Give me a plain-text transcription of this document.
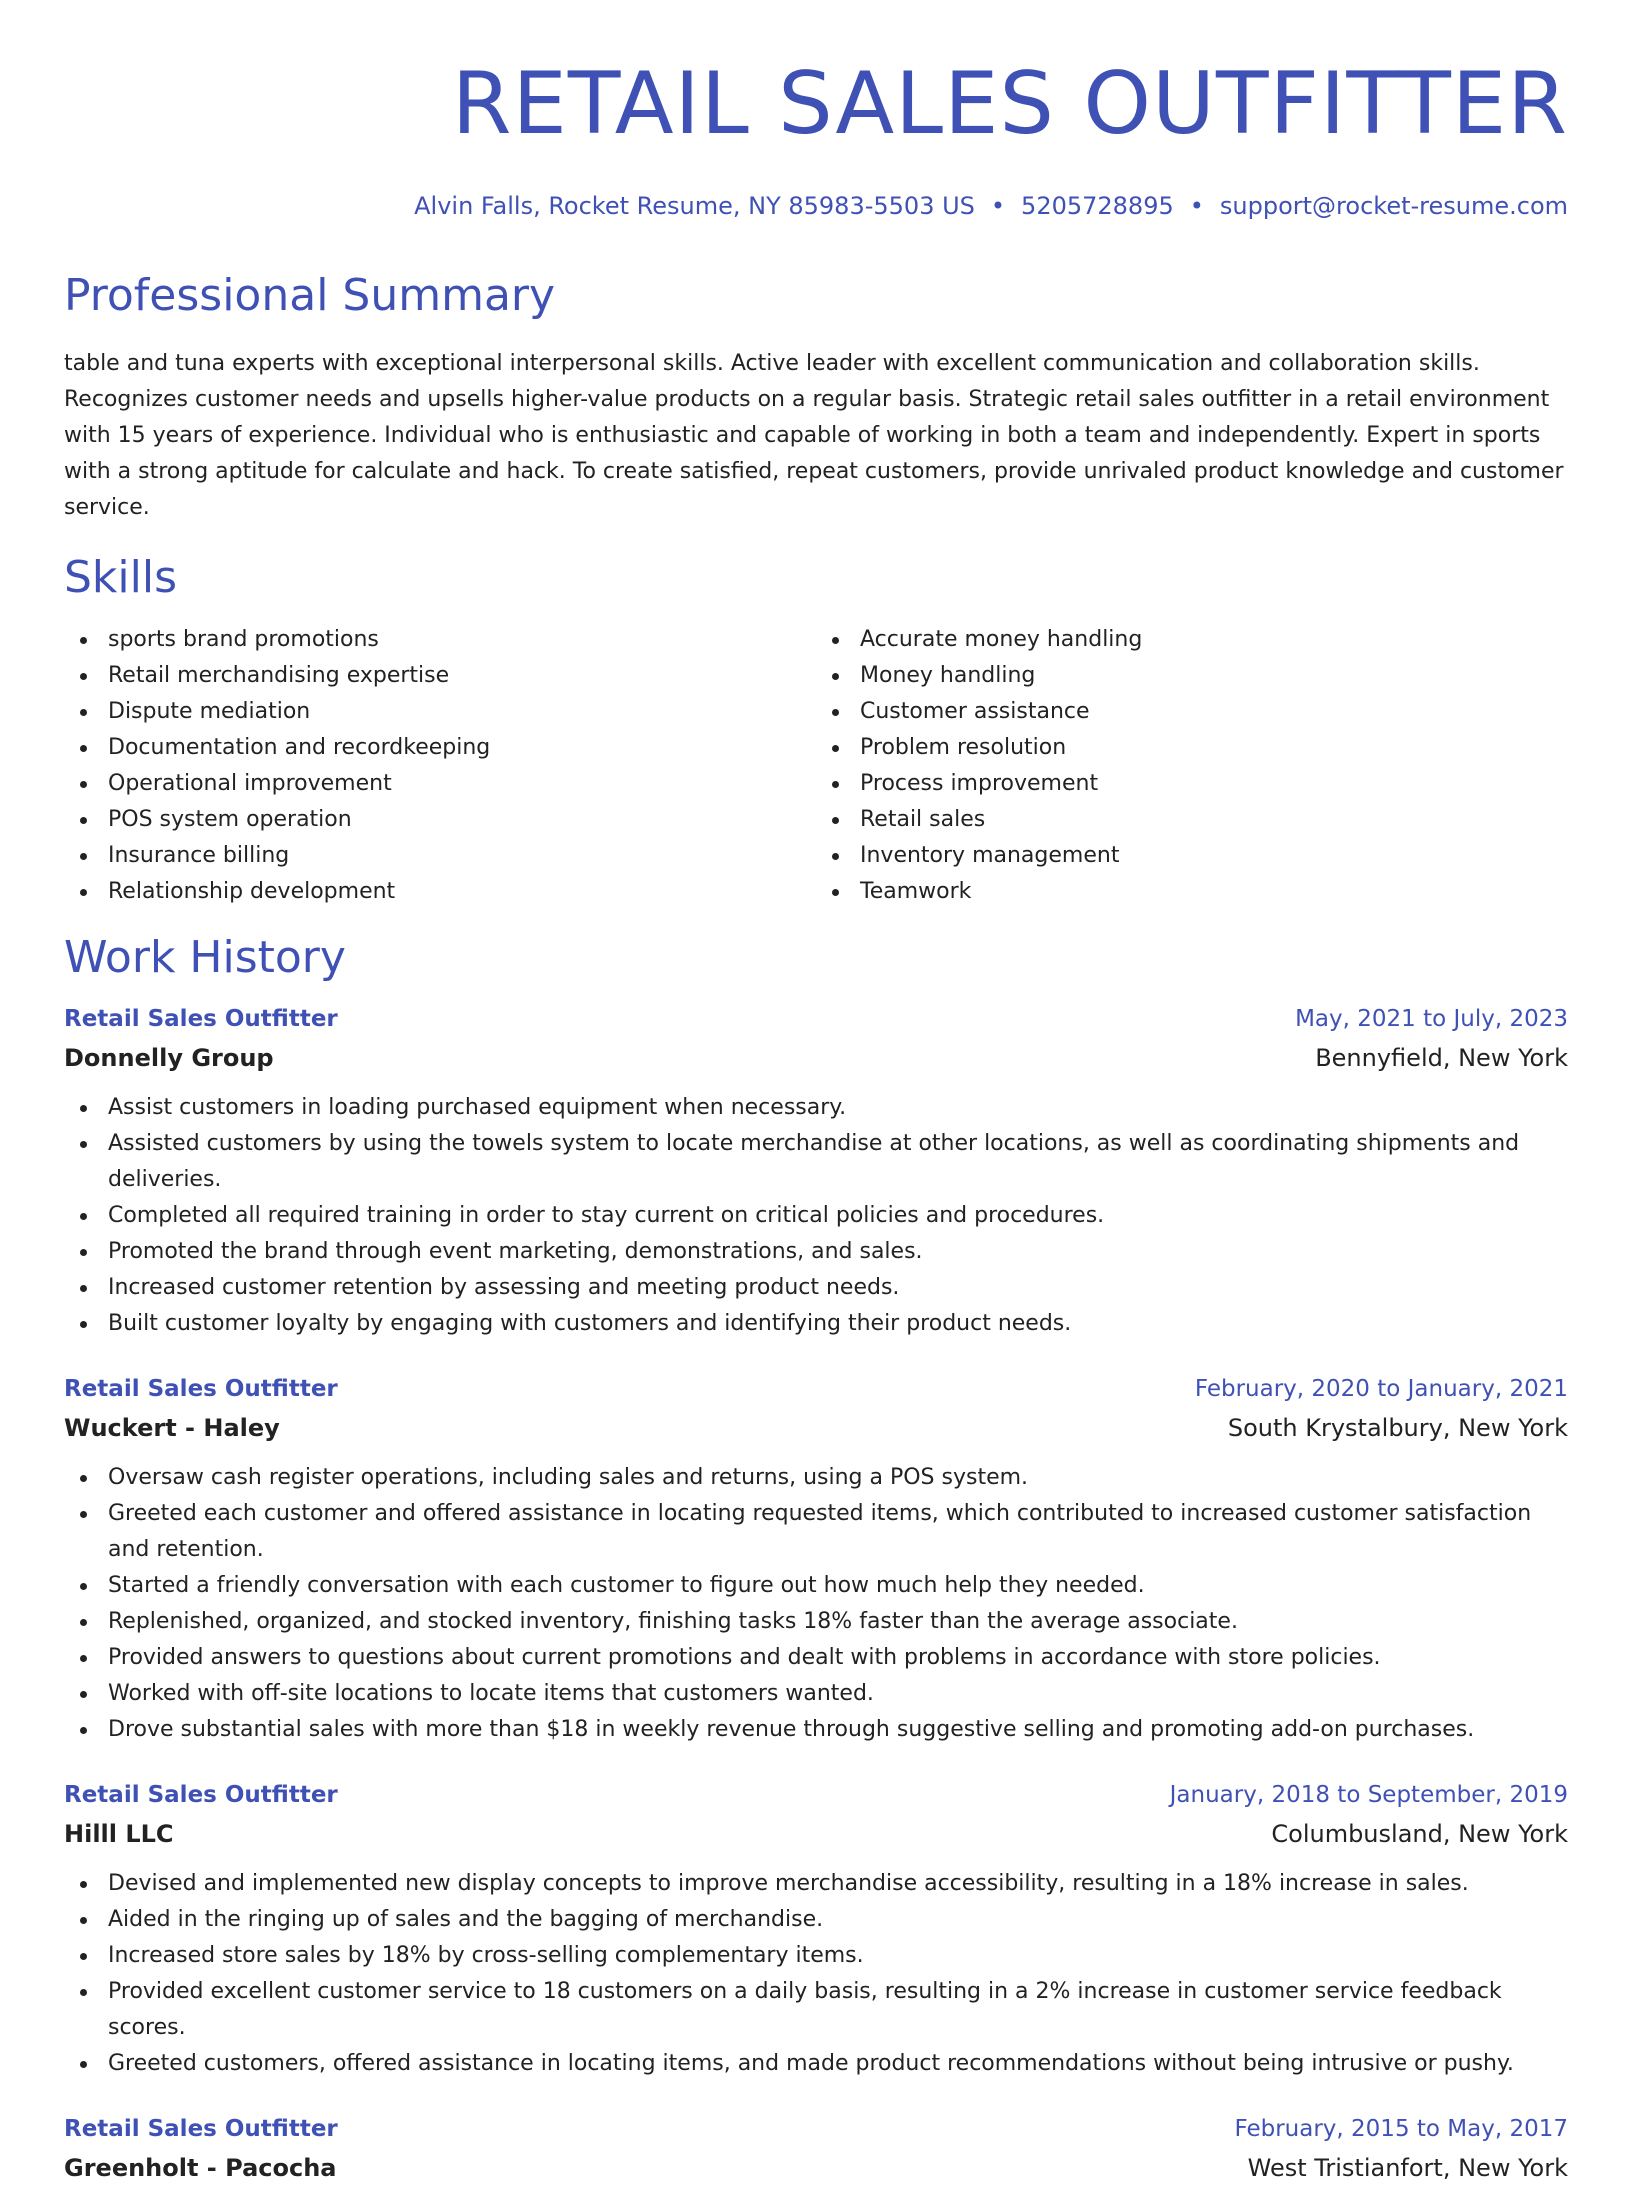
RETAIL SALES OUTFITTER
Alvin Falls, Rocket Resume, NY 85983-5503 US • 5205728895 • support@rocket-resume.com
Professional Summary
table and tuna experts with exceptional interpersonal skills. Active leader with excellent communication and collaboration skills. Recognizes customer needs and upsells higher-value products on a regular basis. Strategic retail sales outfitter in a retail environment with 15 years of experience. Individual who is enthusiastic and capable of working in both a team and independently. Expert in sports with a strong aptitude for calculate and hack. To create satisfied, repeat customers, provide unrivaled product knowledge and customer service.
Skills
sports brand promotions
Retail merchandising expertise
Dispute mediation
Documentation and recordkeeping
Operational improvement
POS system operation
Insurance billing
Relationship development
Accurate money handling
Money handling
Customer assistance
Problem resolution
Process improvement
Retail sales
Inventory management
Teamwork
Work History
Retail Sales Outfitter	May, 2021 to July, 2023
Donnelly Group	Bennyfield, New York
Assist customers in loading purchased equipment when necessary.
Assisted customers by using the towels system to locate merchandise at other locations, as well as coordinating shipments and deliveries.
Completed all required training in order to stay current on critical policies and procedures.
Promoted the brand through event marketing, demonstrations, and sales.
Increased customer retention by assessing and meeting product needs.
Built customer loyalty by engaging with customers and identifying their product needs.
Retail Sales Outfitter	February, 2020 to January, 2021
Wuckert - Haley	South Krystalbury, New York
Oversaw cash register operations, including sales and returns, using a POS system.
Greeted each customer and offered assistance in locating requested items, which contributed to increased customer satisfaction and retention.
Started a friendly conversation with each customer to figure out how much help they needed.
Replenished, organized, and stocked inventory, finishing tasks 18% faster than the average associate.
Provided answers to questions about current promotions and dealt with problems in accordance with store policies.
Worked with off-site locations to locate items that customers wanted.
Drove substantial sales with more than $18 in weekly revenue through suggestive selling and promoting add-on purchases.
Retail Sales Outfitter	January, 2018 to September, 2019
Hilll LLC	Columbusland, New York
Devised and implemented new display concepts to improve merchandise accessibility, resulting in a 18% increase in sales.
Aided in the ringing up of sales and the bagging of merchandise.
Increased store sales by 18% by cross-selling complementary items.
Provided excellent customer service to 18 customers on a daily basis, resulting in a 2% increase in customer service feedback scores.
Greeted customers, offered assistance in locating items, and made product recommendations without being intrusive or pushy.
Retail Sales Outfitter	February, 2015 to May, 2017
Greenholt - Pacocha	West Tristianfort, New York
